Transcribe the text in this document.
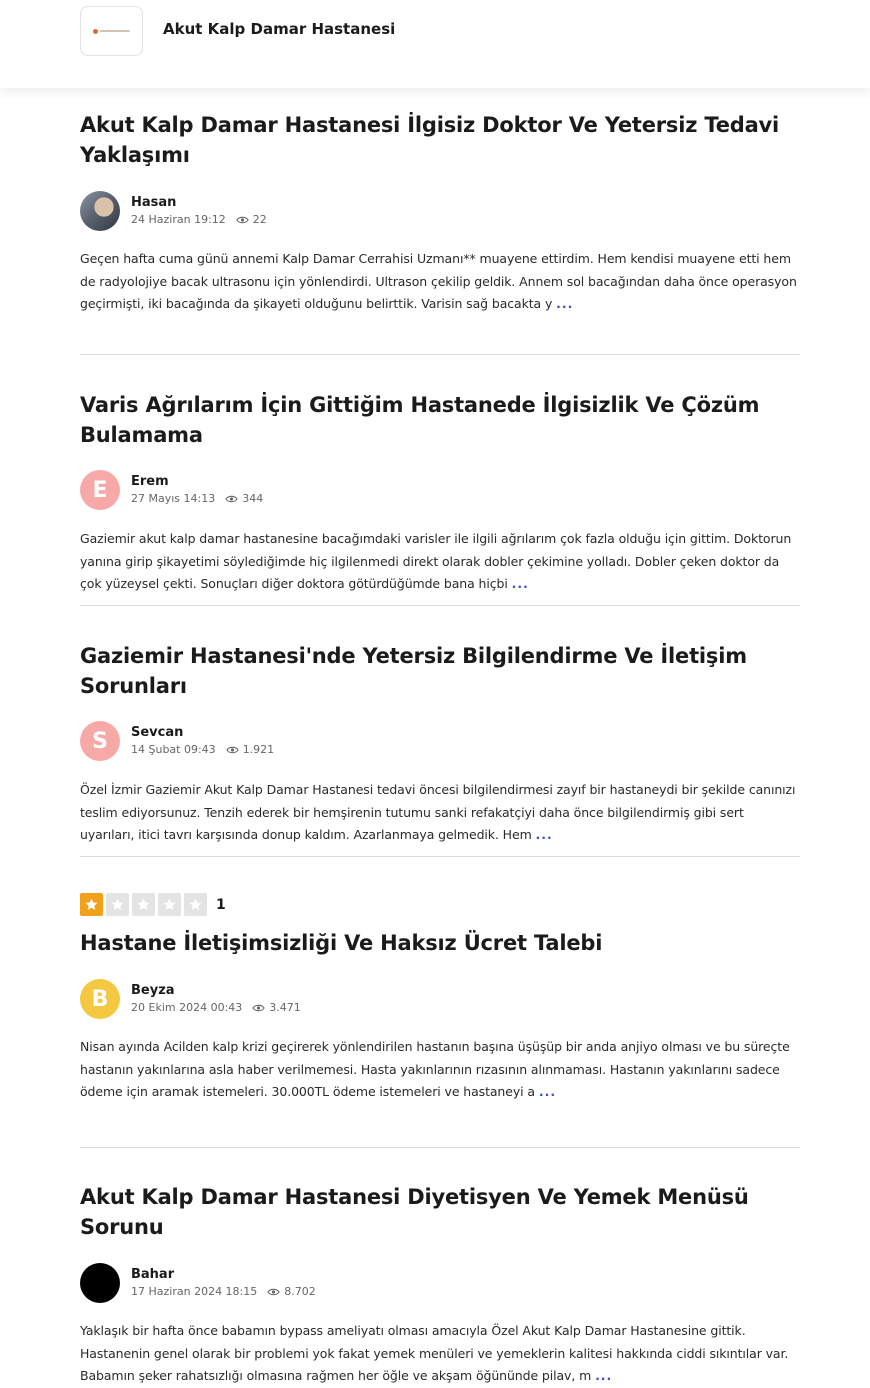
Akut Kalp Damar Hastanesi
Akut Kalp Damar Hastanesi İlgisiz Doktor Ve Yetersiz Tedavi Yaklaşımı
Hasan
24 Haziran 19:12 22
Geçen hafta cuma günü annemi Kalp Damar Cerrahisi Uzmanı** muayene ettirdim. Hem kendisi muayene etti hem de radyolojiye bacak ultrasonu için yönlendirdi. Ultrason çekilip geldik. Annem sol bacağından daha önce operasyon geçirmişti, iki bacağında da şikayeti olduğunu belirttik. Varisin sağ bacakta y ...
Varis Ağrılarım İçin Gittiğim Hastanede İlgisizlik Ve Çözüm Bulamama
E	Erem
27 Mayıs 14:13 344
Gaziemir akut kalp damar hastanesine bacağımdaki varisler ile ilgili ağrılarım çok fazla olduğu için gittim. Doktorun yanına girip şikayetimi söylediğimde hiç ilgilenmedi direkt olarak dobler çekimine yolladı. Dobler çeken doktor da çok yüzeysel çekti. Sonuçları diğer doktora götürdüğümde bana hiçbi ...
Gaziemir Hastanesi'nde Yetersiz Bilgilendirme Ve İletişim Sorunları
S	Sevcan
14 Şubat 09:43 1.921
Özel İzmir Gaziemir Akut Kalp Damar Hastanesi tedavi öncesi bilgilendirmesi zayıf bir hastaneydi bir şekilde canınızı teslim ediyorsunuz. Tenzih ederek bir hemşirenin tutumu sanki refakatçiyi daha önce bilgilendirmiş gibi sert uyarıları, itici tavrı karşısında donup kaldım. Azarlanmaya gelmedik. Hem ...
1
Hastane İletişimsizliği Ve Haksız Ücret Talebi
B	Beyza
20 Ekim 2024 00:43 3.471
Nisan ayında Acilden kalp krizi geçirerek yönlendirilen hastanın başına üşüşüp bir anda anjiyo olması ve bu süreçte hastanın yakınlarına asla haber verilmemesi. Hasta yakınlarının rızasının alınmaması. Hastanın yakınlarını sadece ödeme için aramak istemeleri. 30.000TL ödeme istemeleri ve hastaneyi a ...
Akut Kalp Damar Hastanesi Diyetisyen Ve Yemek Menüsü Sorunu
Bahar
17 Haziran 2024 18:15 8.702
Yaklaşık bir hafta önce babamın bypass ameliyatı olması amacıyla Özel Akut Kalp Damar Hastanesine gittik. Hastanenin genel olarak bir problemi yok fakat yemek menüleri ve yemeklerin kalitesi hakkında ciddi sıkıntılar var. Babamın şeker rahatsızlığı olmasına rağmen her öğle ve akşam öğününde pilav, m ...
